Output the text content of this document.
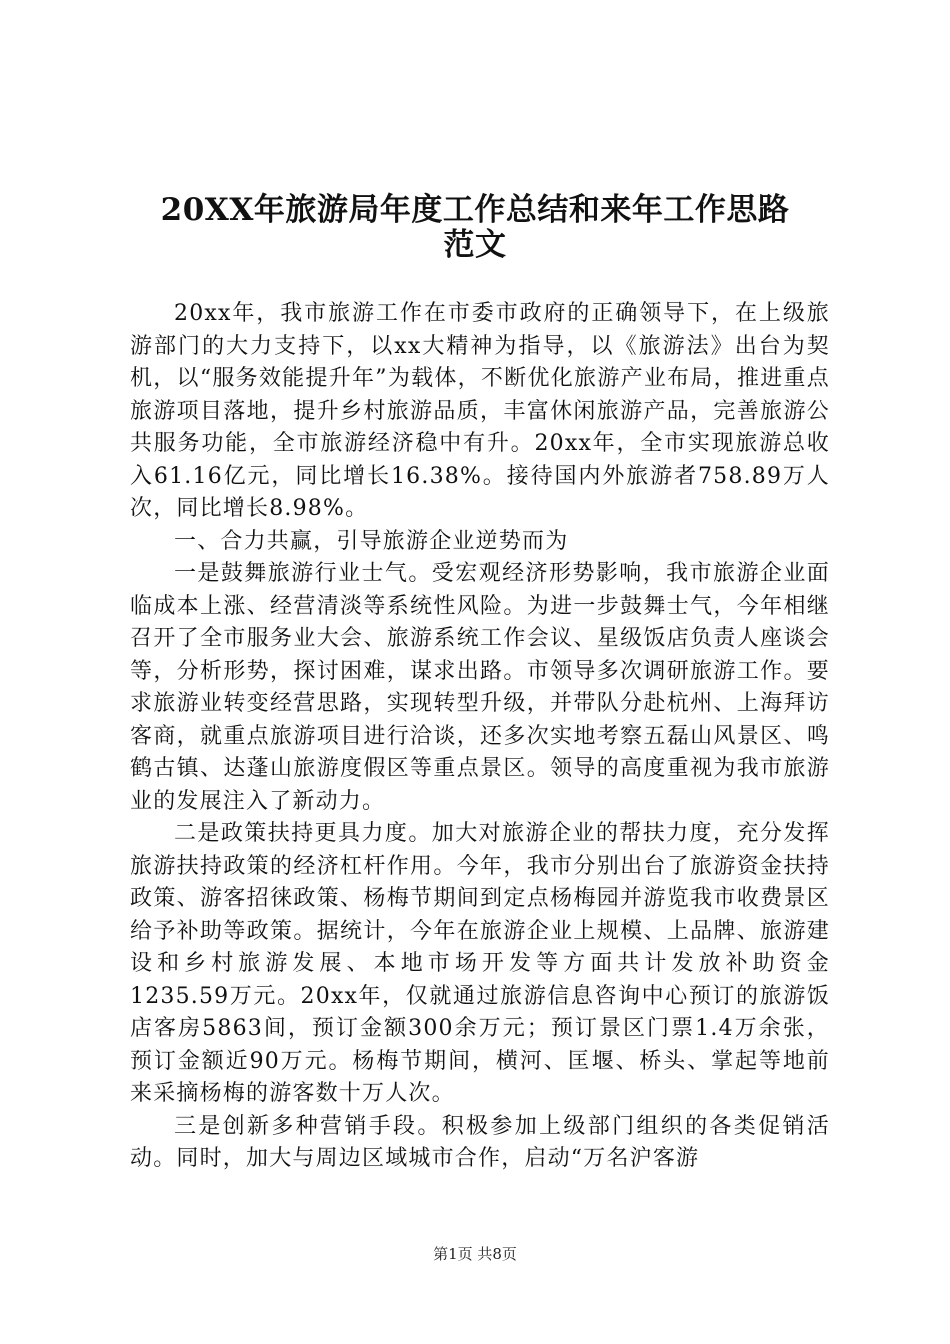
20XX年旅游局年度工作总结和来年工作思路
范文

20xx年，我市旅游工作在市委市政府的正确领导下，在上级旅游部门的大力支持下，以xx大精神为指导，以《旅游法》出台为契机，以“服务效能提升年”为载体，不断优化旅游产业布局，推进重点旅游项目落地，提升乡村旅游品质，丰富休闲旅游产品，完善旅游公共服务功能，全市旅游经济稳中有升。20xx年，全市实现旅游总收入61.16亿元，同比增长16.38%。接待国内外旅游者758.89万人次，同比增长8.98%。

一、合力共赢，引导旅游企业逆势而为

一是鼓舞旅游行业士气。受宏观经济形势影响，我市旅游企业面临成本上涨、经营清淡等系统性风险。为进一步鼓舞士气，今年相继召开了全市服务业大会、旅游系统工作会议、星级饭店负责人座谈会等，分析形势，探讨困难，谋求出路。市领导多次调研旅游工作。要求旅游业转变经营思路，实现转型升级，并带队分赴杭州、上海拜访客商，就重点旅游项目进行洽谈，还多次实地考察五磊山风景区、鸣鹤古镇、达蓬山旅游度假区等重点景区。领导的高度重视为我市旅游业的发展注入了新动力。

二是政策扶持更具力度。加大对旅游企业的帮扶力度，充分发挥旅游扶持政策的经济杠杆作用。今年，我市分别出台了旅游资金扶持政策、游客招徕政策、杨梅节期间到定点杨梅园并游览我市收费景区给予补助等政策。据统计，今年在旅游企业上规模、上品牌、旅游建设和乡村旅游发展、本地市场开发等方面共计发放补助资金1235.59万元。20xx年，仅就通过旅游信息咨询中心预订的旅游饭店客房5863间，预订金额300余万元；预订景区门票1.4万余张，预订金额近90万元。杨梅节期间，横河、匡堰、桥头、掌起等地前来采摘杨梅的游客数十万人次。

三是创新多种营销手段。积极参加上级部门组织的各类促销活动。同时，加大与周边区域城市合作，启动“万名沪客游

第1页 共8页
